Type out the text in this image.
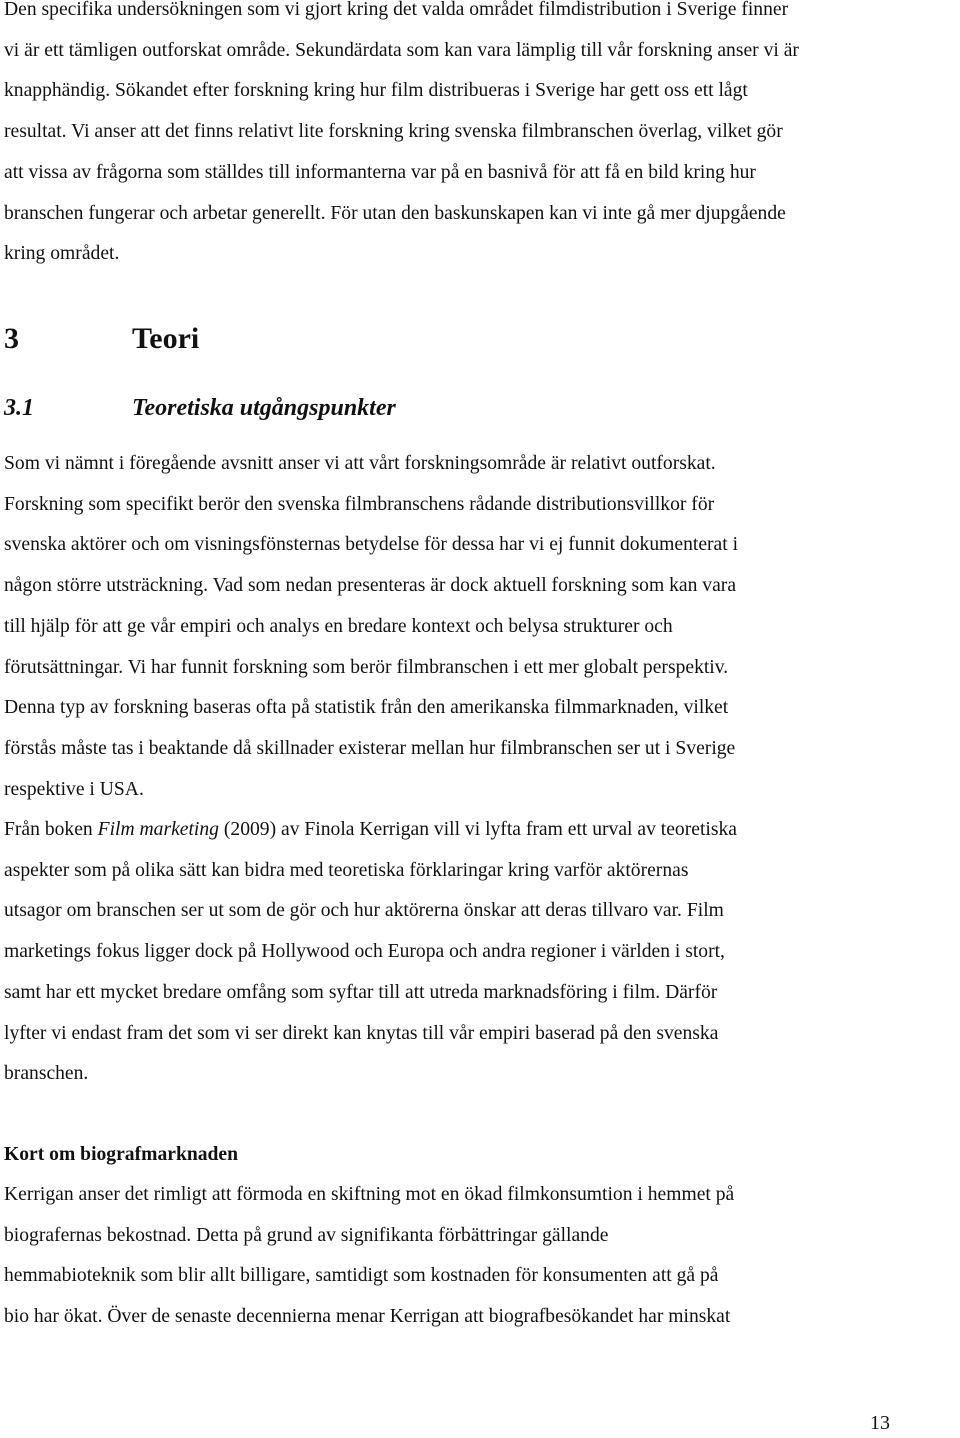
Den specifika undersökningen som vi gjort kring det valda området filmdistribution i Sverige finner
vi är ett tämligen outforskat område. Sekundärdata som kan vara lämplig till vår forskning anser vi är
knapphändig. Sökandet efter forskning kring hur film distribueras i Sverige har gett oss ett lågt
resultat. Vi anser att det finns relativt lite forskning kring svenska filmbranschen överlag, vilket gör
att vissa av frågorna som ställdes till informanterna var på en basnivå för att få en bild kring hur
branschen fungerar och arbetar generellt. För utan den baskunskapen kan vi inte gå mer djupgående
kring området.

3	Teori
3.1	Teoretiska utgångspunkter

Som vi nämnt i föregående avsnitt anser vi att vårt forskningsområde är relativt outforskat.
Forskning som specifikt berör den svenska filmbranschens rådande distributionsvillkor för
svenska aktörer och om visningsfönsternas betydelse för dessa har vi ej funnit dokumenterat i
någon större utsträckning. Vad som nedan presenteras är dock aktuell forskning som kan vara
till hjälp för att ge vår empiri och analys en bredare kontext och belysa strukturer och
förutsättningar. Vi har funnit forskning som berör filmbranschen i ett mer globalt perspektiv.
Denna typ av forskning baseras ofta på statistik från den amerikanska filmmarknaden, vilket
förstås måste tas i beaktande då skillnader existerar mellan hur filmbranschen ser ut i Sverige
respektive i USA.

Från boken Film marketing (2009) av Finola Kerrigan vill vi lyfta fram ett urval av teoretiska
aspekter som på olika sätt kan bidra med teoretiska förklaringar kring varför aktörernas
utsagor om branschen ser ut som de gör och hur aktörerna önskar att deras tillvaro var. Film
marketings fokus ligger dock på Hollywood och Europa och andra regioner i världen i stort,
samt har ett mycket bredare omfång som syftar till att utreda marknadsföring i film. Därför
lyfter vi endast fram det som vi ser direkt kan knytas till vår empiri baserad på den svenska
branschen.

Kort om biografmarknaden

Kerrigan anser det rimligt att förmoda en skiftning mot en ökad filmkonsumtion i hemmet på
biografernas bekostnad. Detta på grund av signifikanta förbättringar gällande
hemmabioteknik som blir allt billigare, samtidigt som kostnaden för konsumenten att gå på
bio har ökat. Över de senaste decennierna menar Kerrigan att biografbesökandet har minskat

13
